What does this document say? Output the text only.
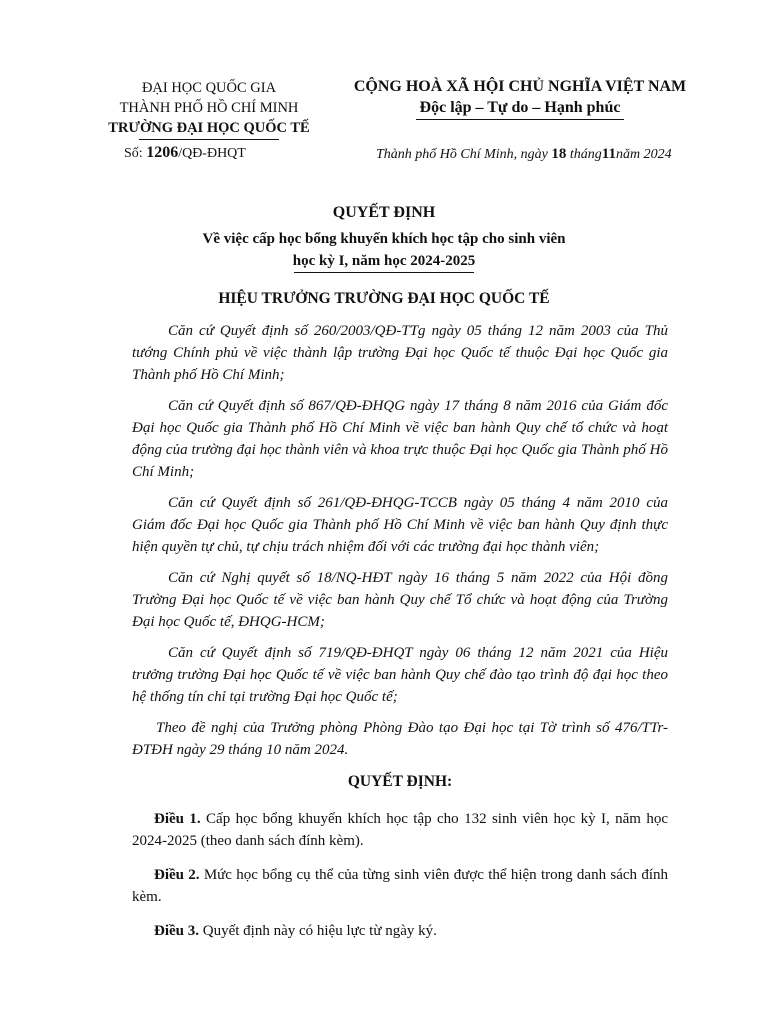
ĐẠI HỌC QUỐC GIA
THÀNH PHỐ HỒ CHÍ MINH
TRƯỜNG ĐẠI HỌC QUỐC TẾ
CỘNG HOÀ XÃ HỘI CHỦ NGHĨA VIỆT NAM
Độc lập – Tự do – Hạnh phúc
Số: 1206/QĐ-ĐHQT	Thành phố Hồ Chí Minh, ngày 18 tháng11năm 2024
QUYẾT ĐỊNH
Về việc cấp học bổng khuyến khích học tập cho sinh viên
học kỳ I, năm học 2024-2025
HIỆU TRƯỞNG TRƯỜNG ĐẠI HỌC QUỐC TẾ

Căn cứ Quyết định số 260/2003/QĐ-TTg ngày 05 tháng 12 năm 2003 của Thủ tướng Chính phủ về việc thành lập trường Đại học Quốc tế thuộc Đại học Quốc gia Thành phố Hồ Chí Minh;

Căn cứ Quyết định số 867/QĐ-ĐHQG ngày 17 tháng 8 năm 2016 của Giám đốc Đại học Quốc gia Thành phố Hồ Chí Minh về việc ban hành Quy chế tổ chức và hoạt động của trường đại học thành viên và khoa trực thuộc Đại học Quốc gia Thành phố Hồ Chí Minh;

Căn cứ Quyết định số 261/QĐ-ĐHQG-TCCB ngày 05 tháng 4 năm 2010 của Giám đốc Đại học Quốc gia Thành phố Hồ Chí Minh về việc ban hành Quy định thực hiện quyền tự chủ, tự chịu trách nhiệm đối với các trường đại học thành viên;

Căn cứ Nghị quyết số 18/NQ-HĐT ngày 16 tháng 5 năm 2022 của Hội đồng Trường Đại học Quốc tế về việc ban hành Quy chế Tổ chức và hoạt động của Trường Đại học Quốc tế, ĐHQG-HCM;

Căn cứ Quyết định số 719/QĐ-ĐHQT ngày 06 tháng 12 năm 2021 của Hiệu trưởng trường Đại học Quốc tế về việc ban hành Quy chế đào tạo trình độ đại học theo hệ thống tín chỉ tại trường Đại học Quốc tế;

Theo đề nghị của Trưởng phòng Phòng Đào tạo Đại học tại Tờ trình số 476/TTr-ĐTĐH ngày 29 tháng 10 năm 2024.

QUYẾT ĐỊNH:

Điều 1. Cấp học bổng khuyến khích học tập cho 132 sinh viên học kỳ I, năm học 2024-2025 (theo danh sách đính kèm).

Điều 2. Mức học bổng cụ thể của từng sinh viên được thể hiện trong danh sách đính kèm.

Điều 3. Quyết định này có hiệu lực từ ngày ký.
